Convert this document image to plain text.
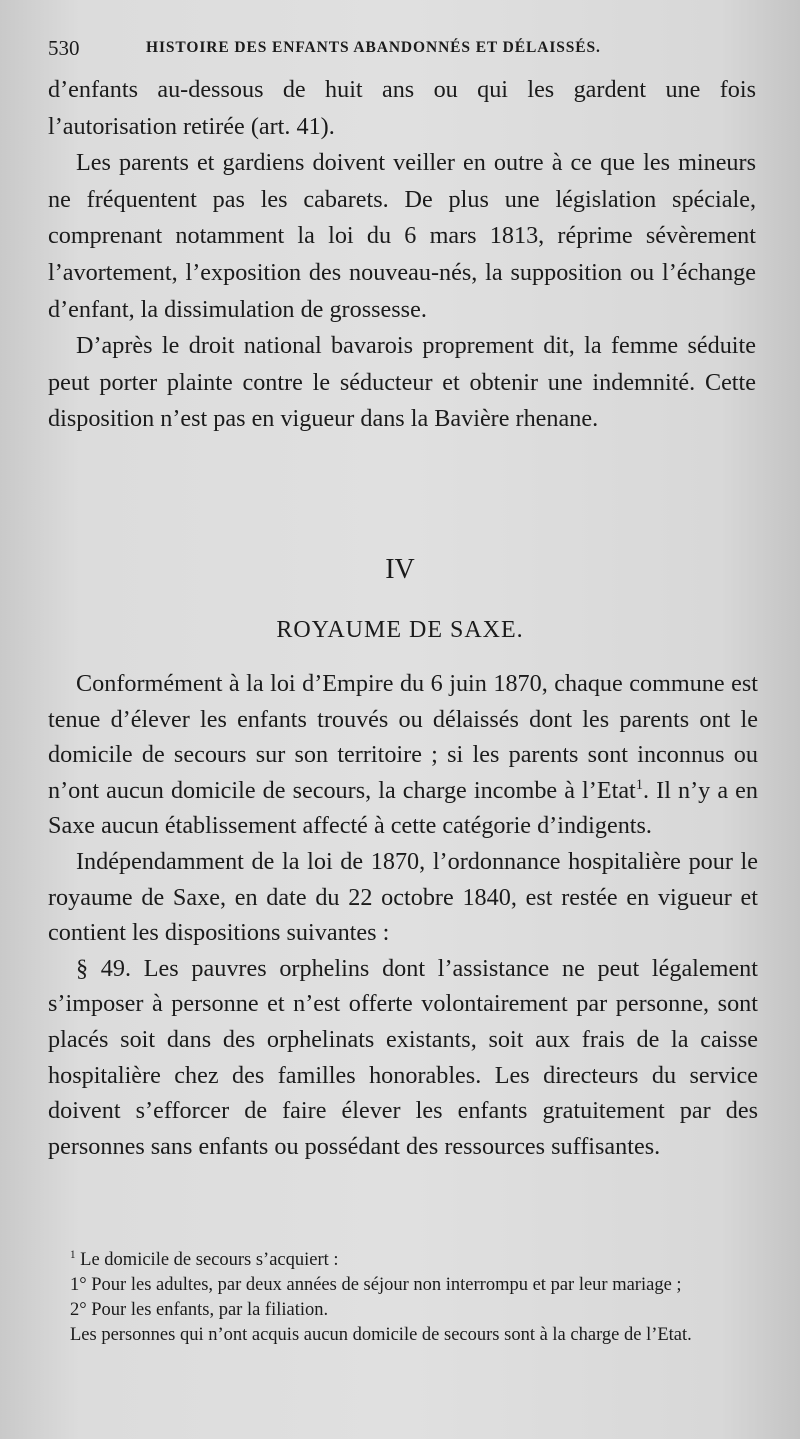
530	HISTOIRE DES ENFANTS ABANDONNÉS ET DÉLAISSÉS.

d’enfants au-dessous de huit ans ou qui les gardent une fois l’autorisation retirée (art. 41).

Les parents et gardiens doivent veiller en outre à ce que les mineurs ne fréquentent pas les cabarets. De plus une législation spéciale, comprenant notamment la loi du 6 mars 1813, réprime sévèrement l’avortement, l’exposition des nouveau-nés, la supposition ou l’échange d’enfant, la dissimulation de grossesse.

D’après le droit national bavarois proprement dit, la femme séduite peut porter plainte contre le séducteur et obtenir une indemnité. Cette disposition n’est pas en vigueur dans la Bavière rhenane.

IV
ROYAUME DE SAXE.

Conformément à la loi d’Empire du 6 juin 1870, chaque commune est tenue d’élever les enfants trouvés ou délaissés dont les parents ont le domicile de secours sur son territoire ; si les parents sont inconnus ou n’ont aucun domicile de secours, la charge incombe à l’Etat$^1$. Il n’y a en Saxe aucun établissement affecté à cette catégorie d’indigents.

Indépendamment de la loi de 1870, l’ordonnance hospitalière pour le royaume de Saxe, en date du 22 octobre 1840, est restée en vigueur et contient les dispositions suivantes :

§ 49. Les pauvres orphelins dont l’assistance ne peut légalement s’imposer à personne et n’est offerte volontairement par personne, sont placés soit dans des orphelinats existants, soit aux frais de la caisse hospitalière chez des familles honorables. Les directeurs du service doivent s’efforcer de faire élever les enfants gratuitement par des personnes sans enfants ou possédant des ressources suffisantes.

$^1$ Le domicile de secours s’acquiert :

1° Pour les adultes, par deux années de séjour non interrompu et par leur mariage ;

2° Pour les enfants, par la filiation.

Les personnes qui n’ont acquis aucun domicile de secours sont à la charge de l’Etat.
